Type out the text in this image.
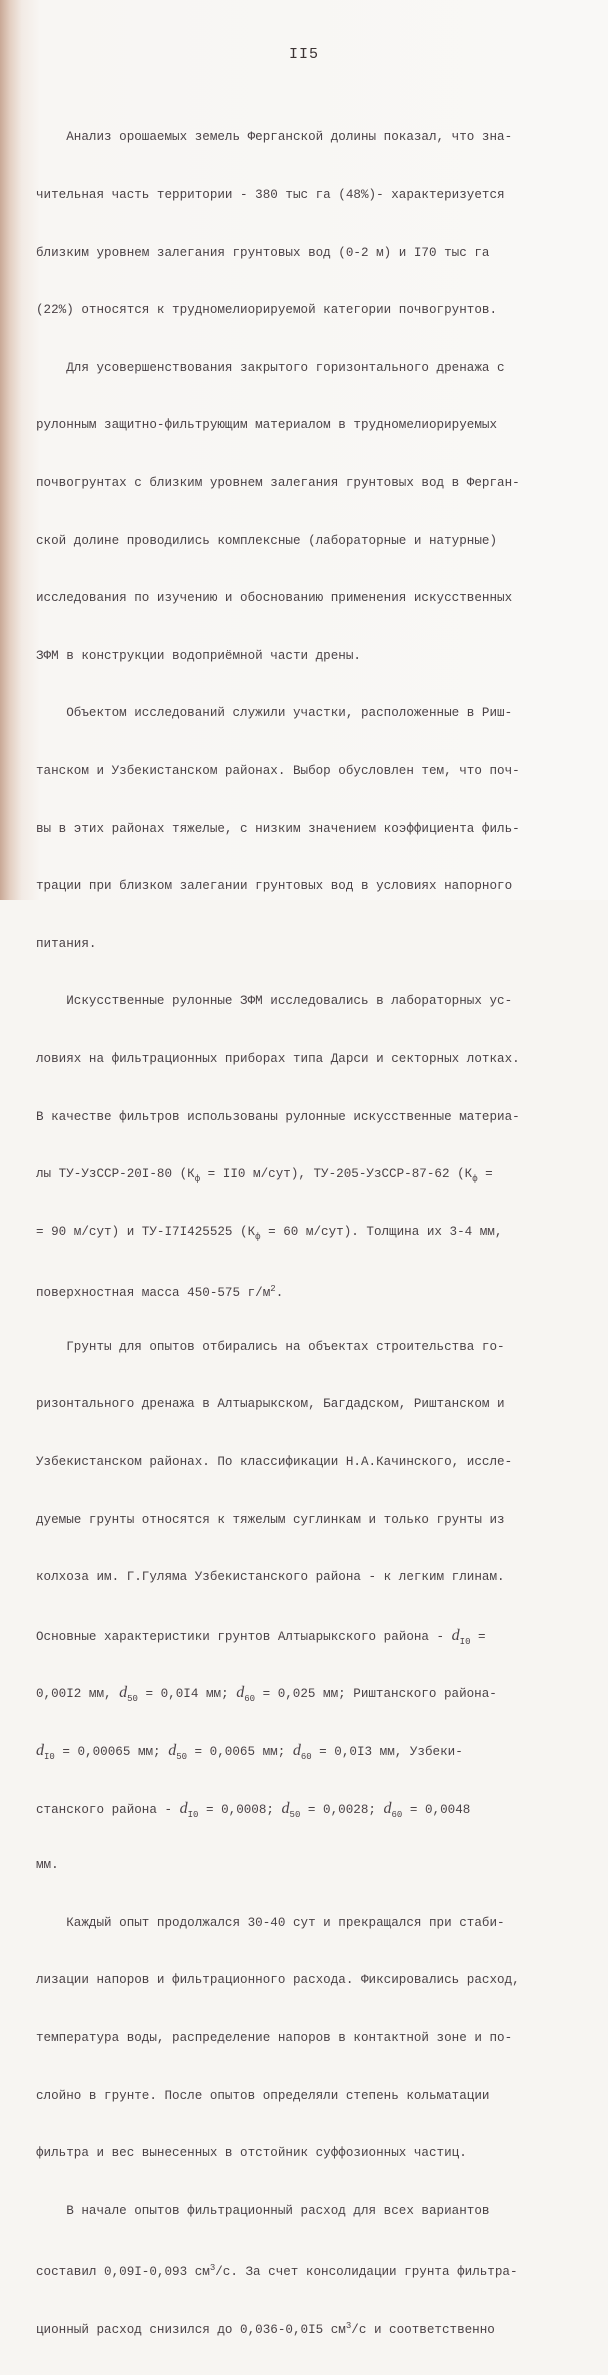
II5

Анализ орошаемых земель Ферганской долины показал, что зна-

чительная часть территории - 380 тыс га (48%)- характеризуется

близким уровнем залегания грунтовых вод (0-2 м) и I70 тыс га

(22%) относятся к трудномелиорируемой категории почвогрунтов.

Для усовершенствования закрытого горизонтального дренажа с

рулонным защитно-фильтрующим материалом в трудномелиорируемых

почвогрунтах с близким уровнем залегания грунтовых вод в Ферган-

ской долине проводились комплексные (лабораторные и натурные)

исследования по изучению и обоснованию применения искусственных

ЗФМ в конструкции водоприёмной части дрены.

Объектом исследований служили участки, расположенные в Риш-

танском и Узбекистанском районах. Выбор обусловлен тем, что поч-

вы в этих районах тяжелые, с низким значением коэффициента филь-

трации при близком залегании грунтовых вод в условиях напорного

питания.

Искусственные рулонные ЗФМ исследовались в лабораторных ус-

ловиях на фильтрационных приборах типа Дарси и секторных лотках.

В качестве фильтров использованы рулонные искусственные материа-

лы ТУ-УзССР-20I-80 ($К_ф = II0$ м/сут), ТУ-205-УзССР-87-62 ($К_ф$ =

= 90 м/сут) и ТУ-I7I425525 ($К_ф = 60$ м/сут). Толщина их 3-4 мм,

поверхностная масса 450-575 $г/м^2$.

Грунты для опытов отбирались на объектах строительства го-

ризонтального дренажа в Алтыарыкском, Багдадском, Риштанском и

Узбекистанском районах. По классификации Н.А.Качинского, иссле-

дуемые грунты относятся к тяжелым суглинкам и только грунты из

колхоза им. Г.Гуляма Узбекистанского района - к легким глинам.

Основные характеристики грунтов Алтыарыкского района - $d_{I0}$ =

0,00I2 мм, $d_{50} = 0,0I4$ мм; $d_{60} = 0,025$ мм; Риштанского района-

$d_{I0} = 0,00065$ мм; $d_{50} = 0,0065$ мм; $d_{60} = 0,0I3$ мм, Узбеки-

станского района - $d_{I0} = 0,0008$; $d_{50} = 0,0028$; $d_{60} = 0,0048$

мм.

Каждый опыт продолжался 30-40 сут и прекращался при стаби-

лизации напоров и фильтрационного расхода. Фиксировались расход,

температура воды, распределение напоров в контактной зоне и по-

слойно в грунте. После опытов определяли степень кольматации

фильтра и вес вынесенных в отстойник суффозионных частиц.

В начале опытов фильтрационный расход для всех вариантов

составил 0,09I-0,093 $см^3/с$. За счет консолидации грунта фильтра-

ционный расход снизился до 0,036-0,0I5 $см^3/с$ и соответственно
